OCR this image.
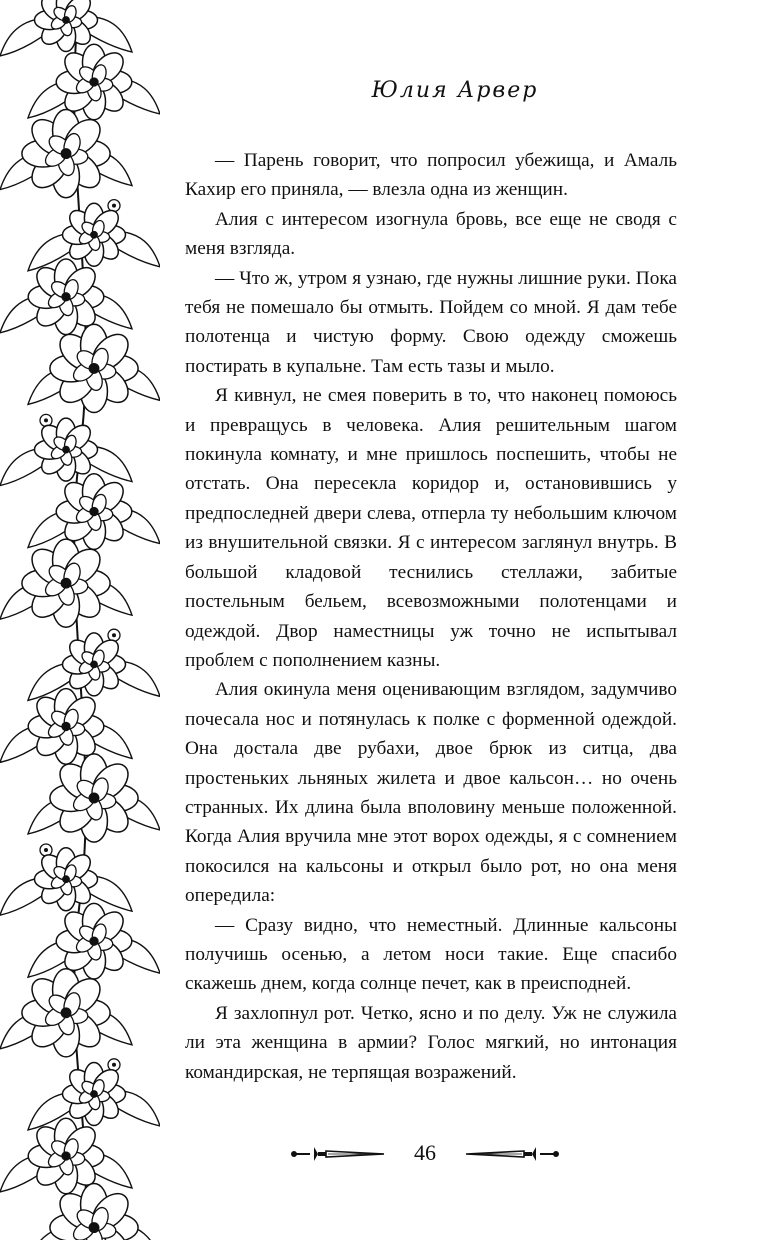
Юлия Арвер

— Парень говорит, что попросил убежища, и Амаль Кахир его приняла, — влезла одна из женщин.

Алия с интересом изогнула бровь, все еще не сводя с меня взгляда.

— Что ж, утром я узнаю, где нужны лишние руки. Пока тебя не помешало бы отмыть. Пойдем со мной. Я дам тебе полотенца и чистую форму. Свою одежду сможешь постирать в купальне. Там есть тазы и мыло.

Я кивнул, не смея поверить в то, что наконец помоюсь и превращусь в человека. Алия решительным шагом покинула комнату, и мне пришлось поспешить, чтобы не отстать. Она пересекла коридор и, остановившись у предпоследней двери слева, отперла ту небольшим ключом из внушительной связки. Я с интересом заглянул внутрь. В большой кладовой теснились стеллажи, забитые постельным бельем, всевозможными полотенцами и одеждой. Двор наместницы уж точно не испытывал проблем с пополнением казны.

Алия окинула меня оценивающим взглядом, задумчиво почесала нос и потянулась к полке с форменной одеждой. Она достала две рубахи, двое брюк из ситца, два простеньких льняных жилета и двое кальсон… но очень странных. Их длина была вполовину меньше положенной. Когда Алия вручила мне этот ворох одежды, я с сомнением покосился на кальсоны и открыл было рот, но она меня опередила:

— Сразу видно, что неместный. Длинные кальсоны получишь осенью, а летом носи такие. Еще спасибо скажешь днем, когда солнце печет, как в преисподней.

Я захлопнул рот. Четко, ясно и по делу. Уж не служила ли эта женщина в армии? Голос мягкий, но интонация командирская, не терпящая возражений.

46
